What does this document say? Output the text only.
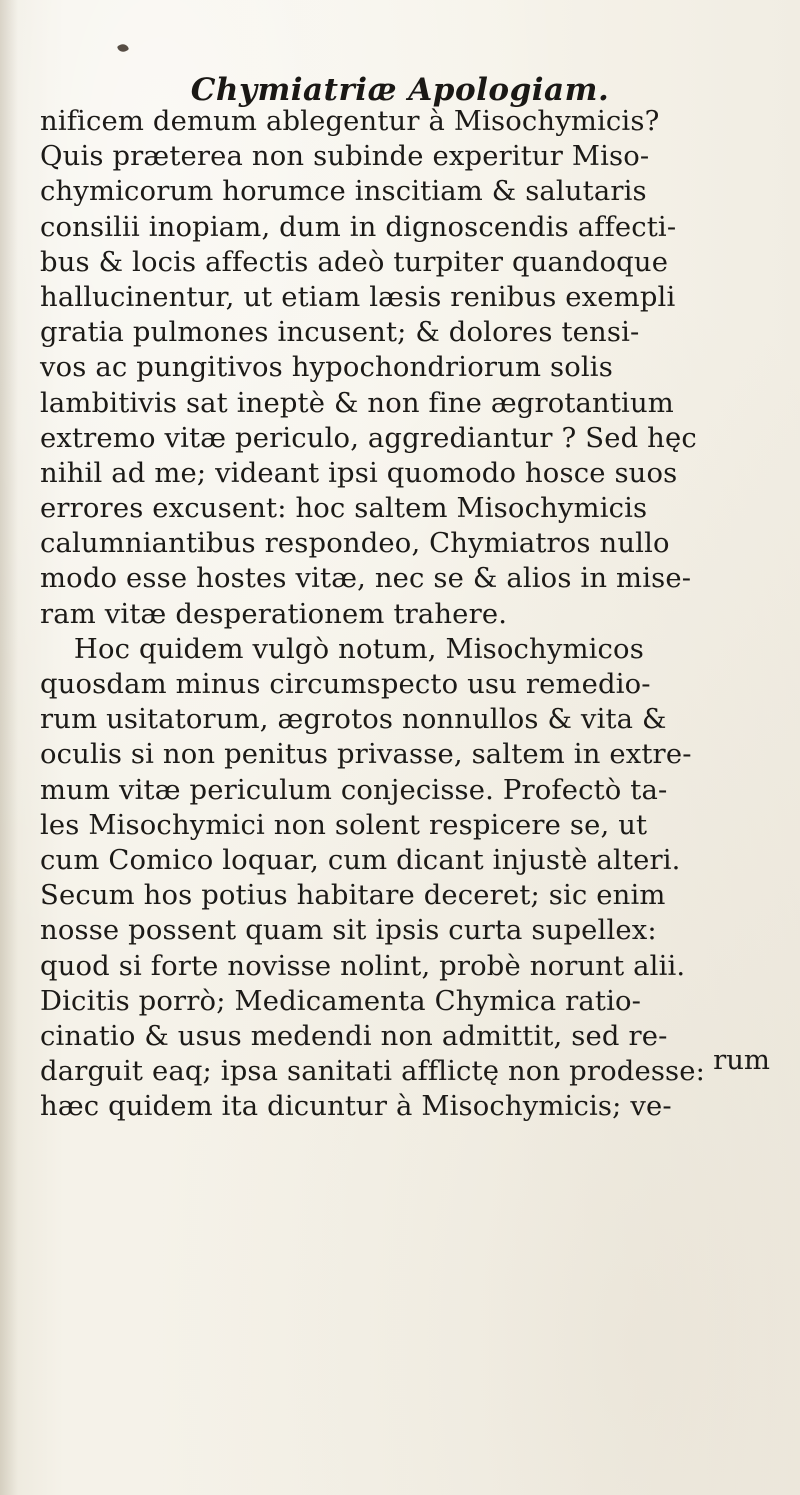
Chymiatriæ Apologiam.
nificem demum ablegentur à Misochymicis?
Quis præterea non subinde experitur Miso-
chymicorum horumce inscitiam & salutaris
consilii inopiam, dum in dignoscendis affecti-
bus & locis affectis adeò turpiter quandoque
hallucinentur, ut etiam læsis renibus exempli
gratia pulmones incusent; & dolores tensi-
vos ac pungitivos hypochondriorum solis
lambitivis sat ineptè & non fine ægrotantium
extremo vitæ periculo, aggrediantur ? Sed hęc
nihil ad me; videant ipsi quomodo hosce suos
errores excusent: hoc saltem Misochymicis
calumniantibus respondeo, Chymiatros nullo
modo esse hostes vitæ, nec se & alios in mise-
ram vitæ desperationem trahere.
Hoc quidem vulgò notum, Misochymicos
quosdam minus circumspecto usu remedio-
rum usitatorum, ægrotos nonnullos & vita &
oculis si non penitus privasse, saltem in extre-
mum vitæ periculum conjecisse. Profectò ta-
les Misochymici non solent respicere se, ut
cum Comico loquar, cum dicant injustè alteri.
Secum hos potius habitare deceret; sic enim
nosse possent quam sit ipsis curta supellex:
quod si forte novisse nolint, probè norunt alii.
Dicitis porrò; Medicamenta Chymica ratio-
cinatio & usus medendi non admittit, sed re-
darguit eaq; ipsa sanitati afflictę non prodesse:
hæc quidem ita dicuntur à Misochymicis; ve-
rum
